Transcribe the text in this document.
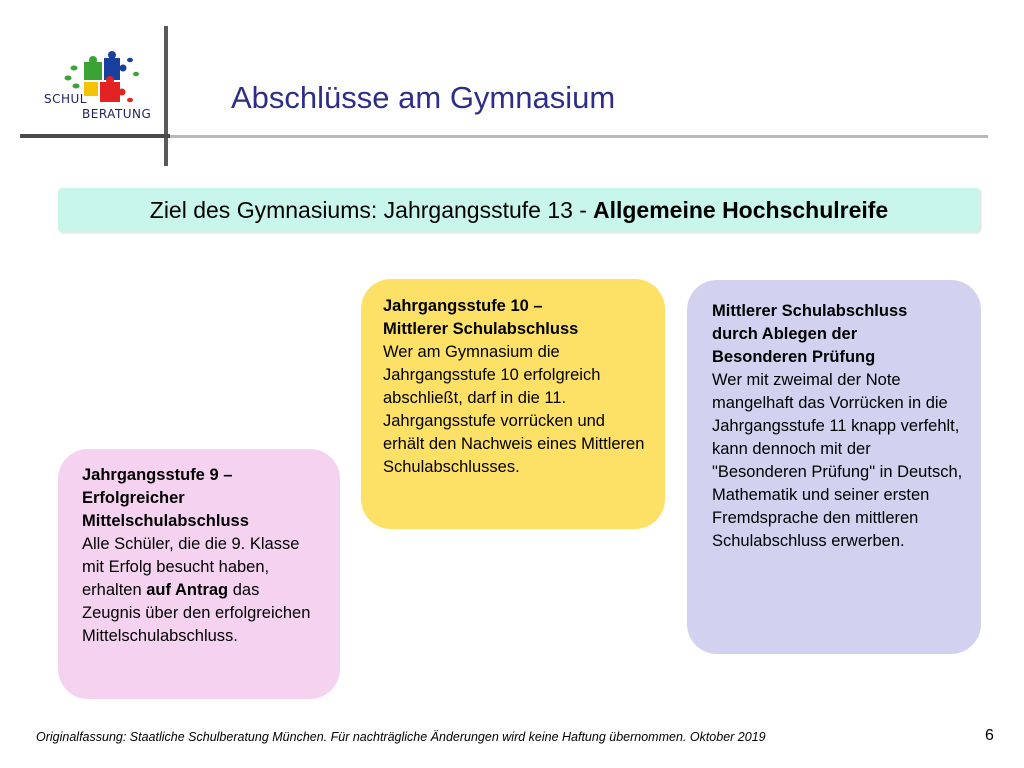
SCHUL
BERATUNG	Abschlüsse am Gymnasium
Ziel des Gymnasiums: Jahrgangsstufe 13 - Allgemeine Hochschulreife
Jahrgangsstufe 10 –
Mittlerer Schulabschluss
Wer am Gymnasium die Jahrgangsstufe 10 erfolgreich abschließt, darf in die 11. Jahrgangsstufe vorrücken und erhält den Nachweis eines Mittleren Schulabschlusses.
Mittlerer Schulabschluss
durch Ablegen der
Besonderen Prüfung
Wer mit zweimal der Note mangelhaft das Vorrücken in die Jahrgangsstufe 11 knapp verfehlt, kann dennoch mit der "Besonderen Prüfung" in Deutsch, Mathematik und seiner ersten Fremdsprache den mittleren Schulabschluss erwerben.
Jahrgangsstufe 9 –
Erfolgreicher
Mittelschulabschluss
Alle Schüler, die die 9. Klasse mit Erfolg besucht haben, erhalten auf Antrag das Zeugnis über den erfolgreichen Mittelschulabschluss.
Originalfassung: Staatliche Schulberatung München. Für nachträgliche Änderungen wird keine Haftung übernommen. Oktober 2019	6
